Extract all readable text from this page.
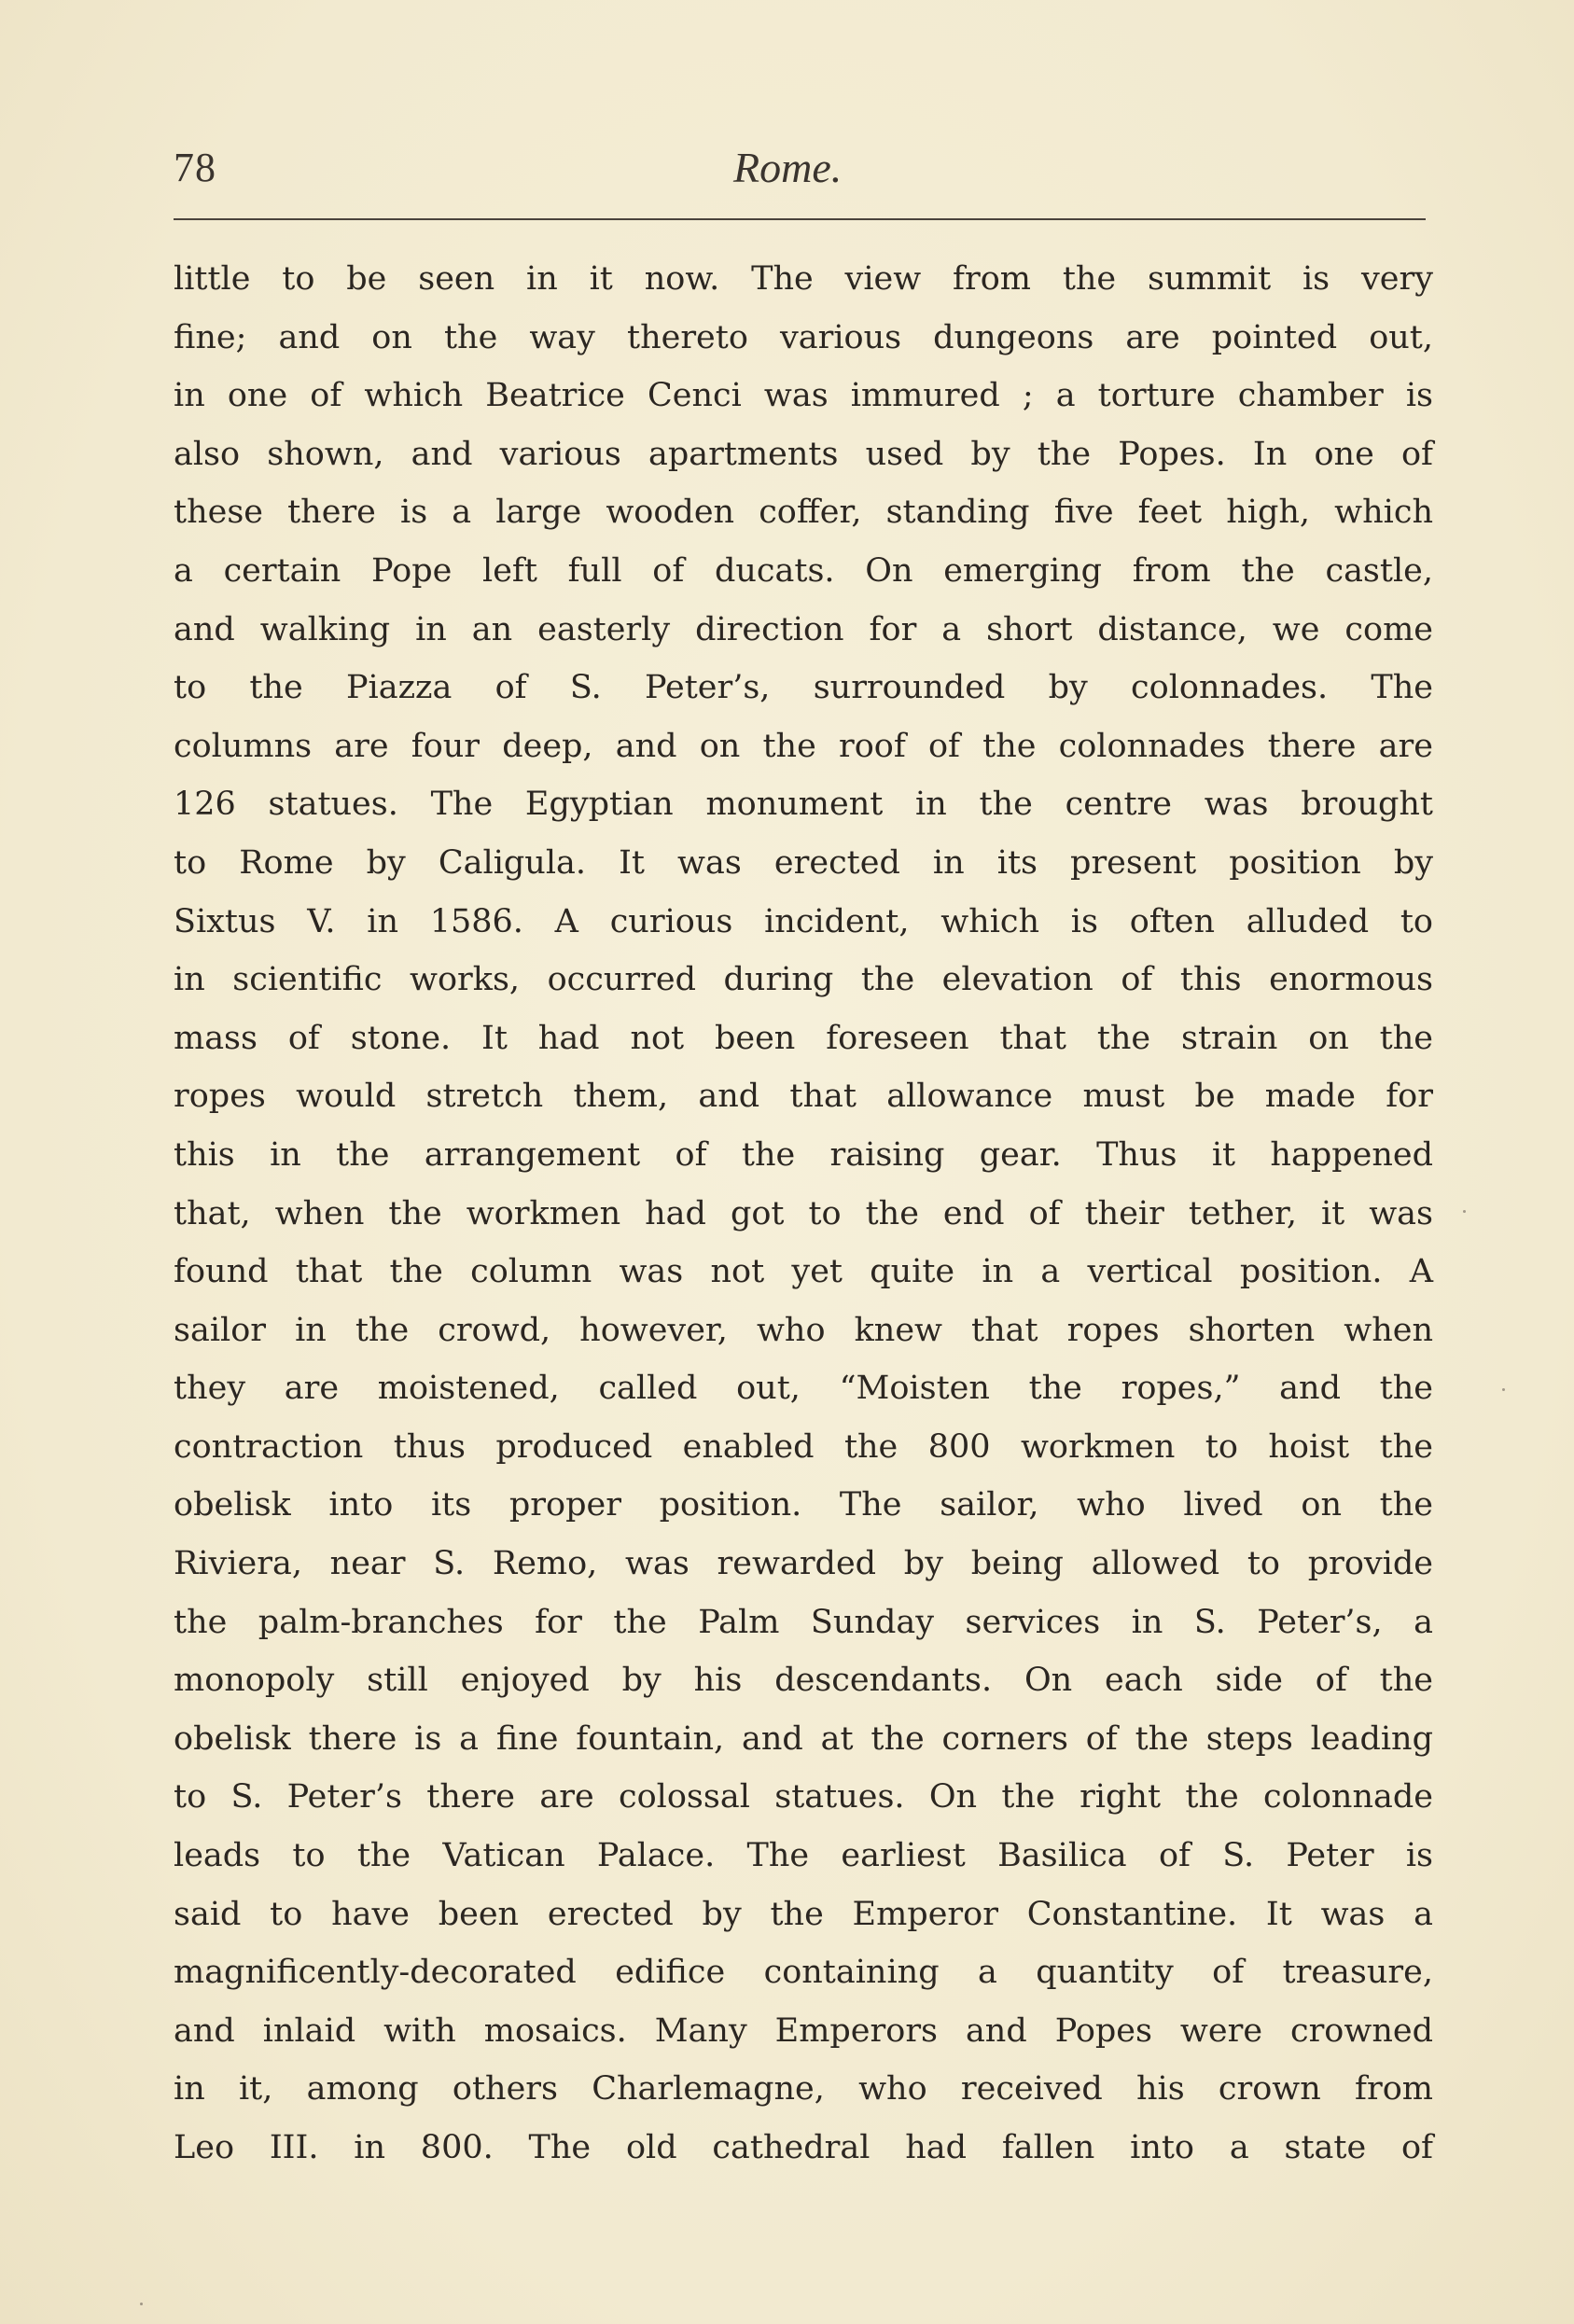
78	Rome.
little to be seen in it now. The view from the summit is very
fine; and on the way thereto various dungeons are pointed out,
in one of which Beatrice Cenci was immured ; a torture chamber is
also shown, and various apartments used by the Popes. In one of
these there is a large wooden coffer, standing five feet high, which
a certain Pope left full of ducats. On emerging from the castle,
and walking in an easterly direction for a short distance, we come
to the Piazza of S. Peter’s, surrounded by colonnades. The
columns are four deep, and on the roof of the colonnades there are
126 statues. The Egyptian monument in the centre was brought
to Rome by Caligula. It was erected in its present position by
Sixtus V. in 1586. A curious incident, which is often alluded to
in scientific works, occurred during the elevation of this enormous
mass of stone. It had not been foreseen that the strain on the
ropes would stretch them, and that allowance must be made for
this in the arrangement of the raising gear. Thus it happened
that, when the workmen had got to the end of their tether, it was
found that the column was not yet quite in a vertical position. A
sailor in the crowd, however, who knew that ropes shorten when
they are moistened, called out, “Moisten the ropes,” and the
contraction thus produced enabled the 800 workmen to hoist the
obelisk into its proper position. The sailor, who lived on the
Riviera, near S. Remo, was rewarded by being allowed to provide
the palm-branches for the Palm Sunday services in S. Peter’s, a
monopoly still enjoyed by his descendants. On each side of the
obelisk there is a fine fountain, and at the corners of the steps leading
to S. Peter’s there are colossal statues. On the right the colonnade
leads to the Vatican Palace. The earliest Basilica of S. Peter is
said to have been erected by the Emperor Constantine. It was a
magnificently-decorated edifice containing a quantity of treasure,
and inlaid with mosaics. Many Emperors and Popes were crowned
in it, among others Charlemagne, who received his crown from
Leo III. in 800. The old cathedral had fallen into a state of
